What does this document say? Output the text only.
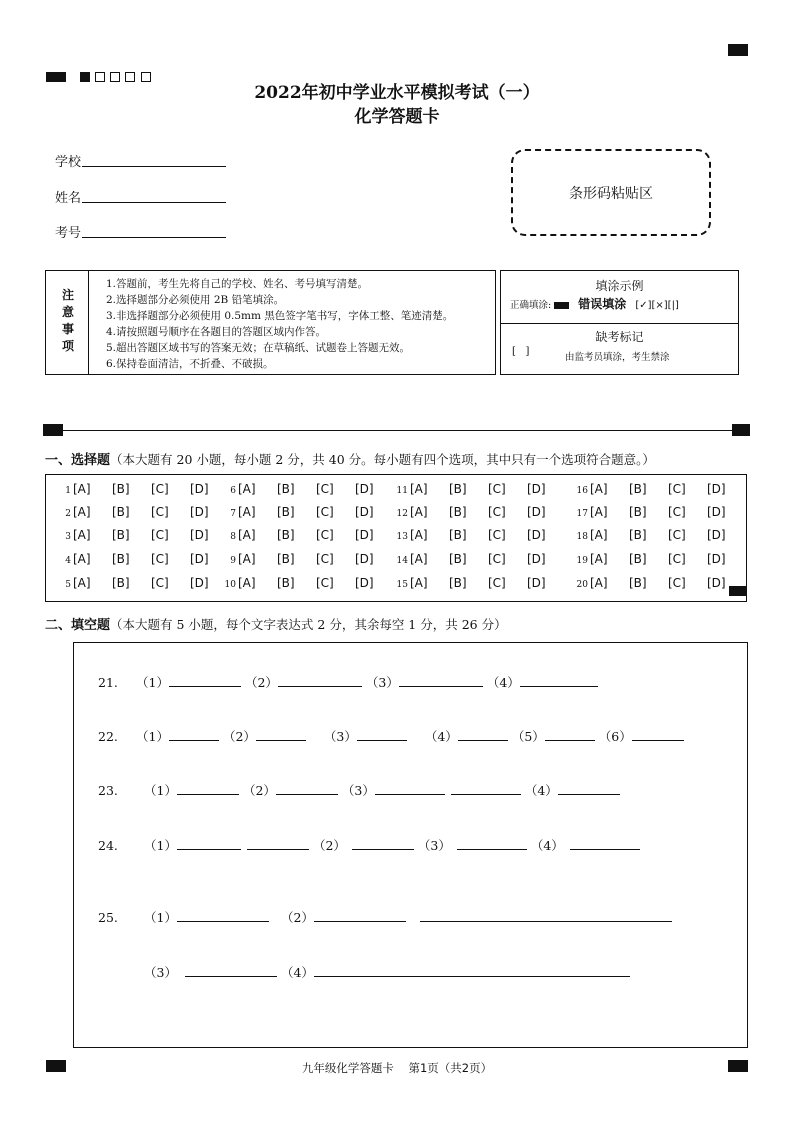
2022年初中学业水平模拟考试（一）
化学答题卡
学校
姓名
考号
条形码粘贴区
注意事项
1.答题前，考生先将自己的学校、姓名、考号填写清楚。
2.选择题部分必须使用 2B 铅笔填涂。
3.非选择题部分必须使用 0.5mm 黑色签字笔书写，字体工整、笔迹清楚。
4.请按照题号顺序在各题目的答题区域内作答。
5.超出答题区域书写的答案无效；在草稿纸、试题卷上答题无效。
6.保持卷面清洁，不折叠、不破损。
填涂示例
正确填涂: 错误填涂 [✓][×][|]
缺考标记
[   ]
由监考员填涂，考生禁涂
一、选择题（本大题有 20 小题，每小题 2 分，共 40 分。每小题有四个选项，其中只有一个选项符合题意。）
1 [A] [B] [C] [D]
2 [A] [B] [C] [D]
3 [A] [B] [C] [D]
4 [A] [B] [C] [D]
5 [A] [B] [C] [D]
6 [A] [B] [C] [D]
7 [A] [B] [C] [D]
8 [A] [B] [C] [D]
9 [A] [B] [C] [D]
10 [A] [B] [C] [D]
11 [A] [B] [C] [D]
12 [A] [B] [C] [D]
13 [A] [B] [C] [D]
14 [A] [B] [C] [D]
15 [A] [B] [C] [D]
16 [A] [B] [C] [D]
17 [A] [B] [C] [D]
18 [A] [B] [C] [D]
19 [A] [B] [C] [D]
20 [A] [B] [C] [D]
二、填空题（本大题有 5 小题，每个文字表达式 2 分，其余每空 1 分，共 26 分）
21. （1）	（2）	（3）	（4）
22. （1）	（2）	（3）	（4）	（5）	（6）
23. （1）	（2）	（3）	（4）
24. （1）	（2）	（3）	（4）
25. （1）	（2）
（3）	（4）
九年级化学答题卡    第1页（共2页）
